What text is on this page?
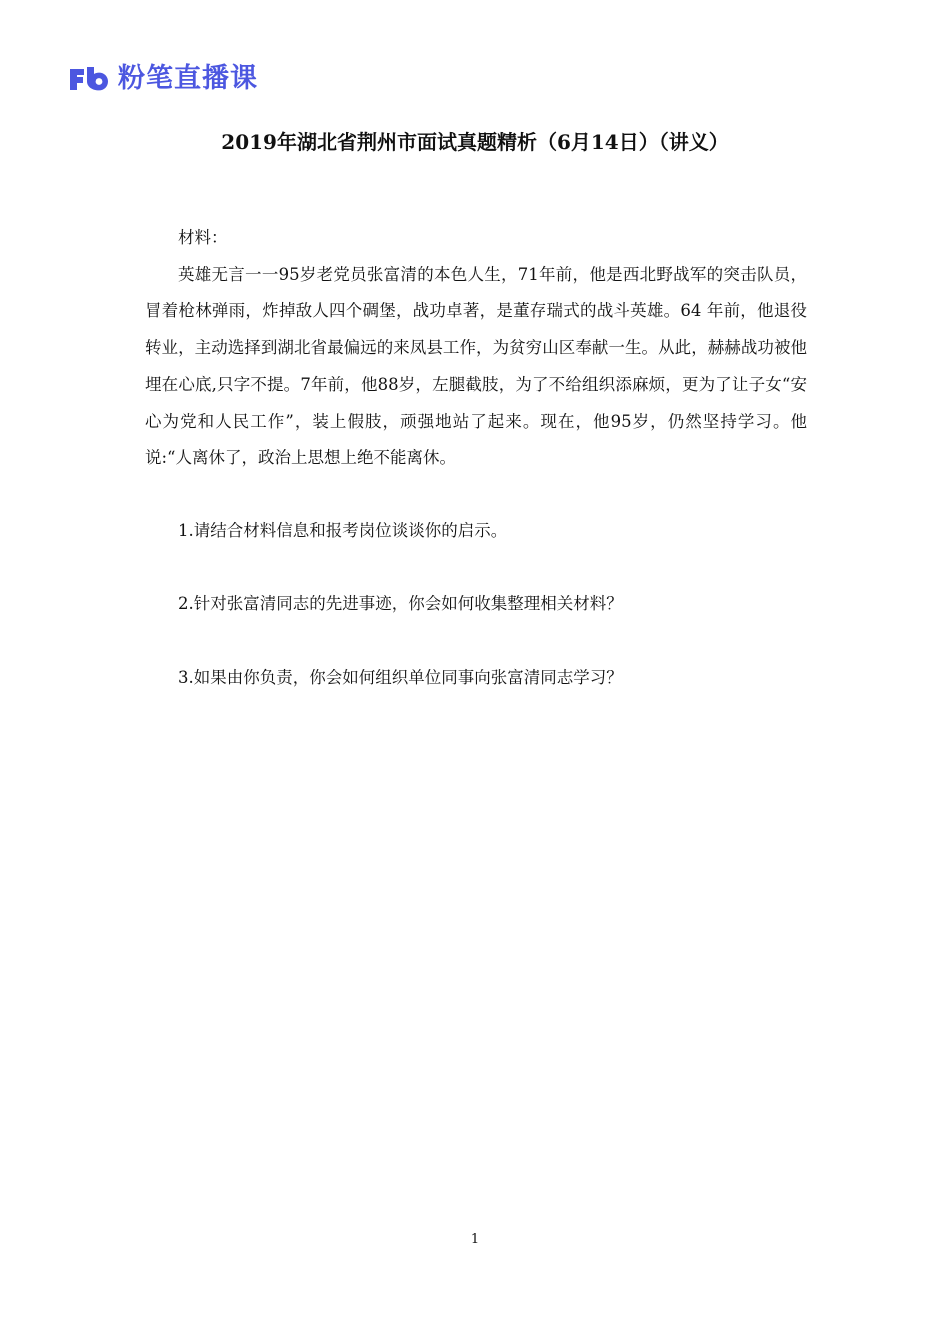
粉笔直播课
2019年湖北省荆州市面试真题精析（6月14日）（讲义）

材料：

英雄无言一一95岁老党员张富清的本色人生，71年前，他是西北野战军的突击队员，冒着枪林弹雨，炸掉敌人四个碉堡，战功卓著，是董存瑞式的战斗英雄。64 年前，他退役转业，主动选择到湖北省最偏远的来凤县工作，为贫穷山区奉献一生。从此，赫赫战功被他埋在心底,只字不提。7年前，他88岁，左腿截肢，为了不给组织添麻烦，更为了让子女“安心为党和人民工作”，装上假肢，顽强地站了起来。现在，他95岁，仍然坚持学习。他说:“人离休了，政治上思想上绝不能离休。

1.请结合材料信息和报考岗位谈谈你的启示。

2.针对张富清同志的先进事迹，你会如何收集整理相关材料？

3.如果由你负责，你会如何组织单位同事向张富清同志学习？

1
